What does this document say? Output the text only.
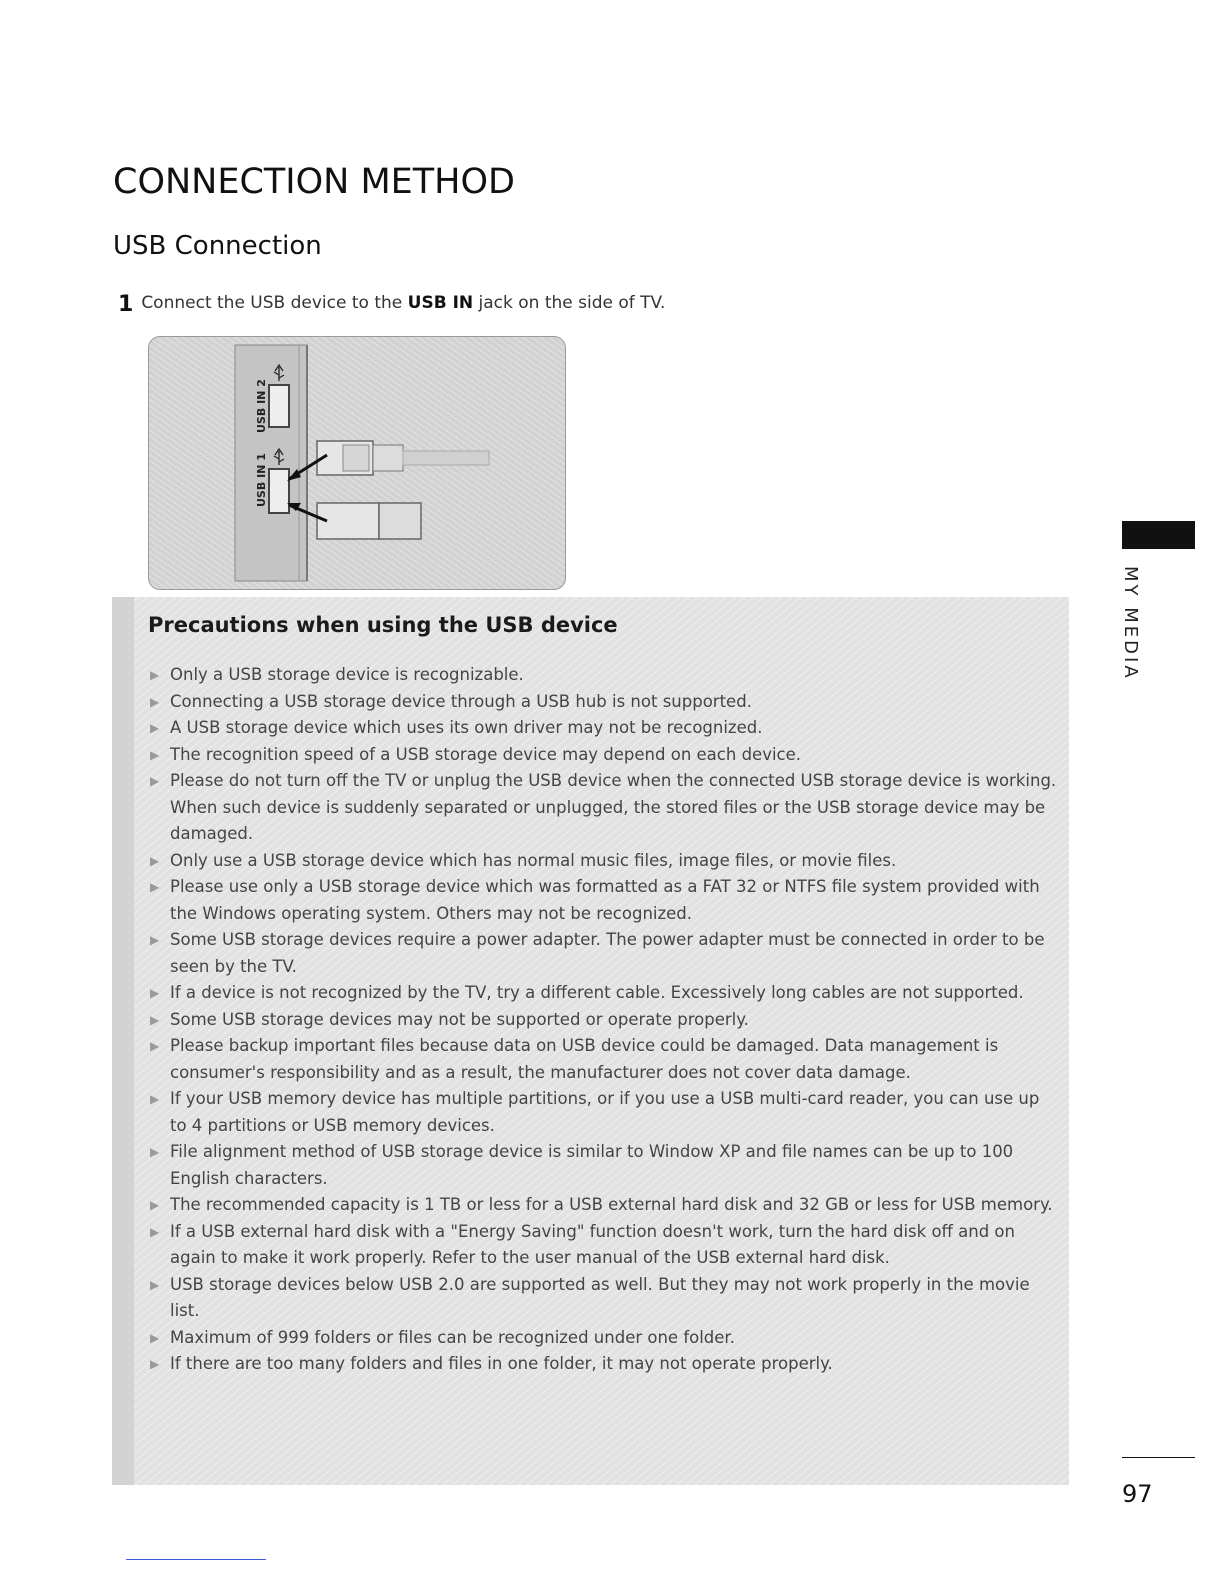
CONNECTION METHOD
USB Connection
1 Connect the USB device to the USB IN jack on the side of TV.
USB IN 2
USB IN 1
Precautions when using the USB device
▶ Only a USB storage device is recognizable.
▶ Connecting a USB storage device through a USB hub is not supported.
▶ A USB storage device which uses its own driver may not be recognized.
▶ The recognition speed of a USB storage device may depend on each device.
▶ Please do not turn off the TV or unplug the USB device when the connected USB storage device is working. When such device is suddenly separated or unplugged, the stored files or the USB storage device may be damaged.
▶ Only use a USB storage device which has normal music files, image files, or movie files.
▶ Please use only a USB storage device which was formatted as a FAT 32 or NTFS file system provided with the Windows operating system. Others may not be recognized.
▶ Some USB storage devices require a power adapter. The power adapter must be connected in order to be seen by the TV.
▶ If a device is not recognized by the TV, try a different cable. Excessively long cables are not supported.
▶ Some USB storage devices may not be supported or operate properly.
▶ Please backup important files because data on USB device could be damaged. Data management is consumer's responsibility and as a result, the manufacturer does not cover data damage.
▶ If your USB memory device has multiple partitions, or if you use a USB multi-card reader, you can use up to 4 partitions or USB memory devices.
▶ File alignment method of USB storage device is similar to Window XP and file names can be up to 100 English characters.
▶ The recommended capacity is 1 TB or less for a USB external hard disk and 32 GB or less for USB memory.
▶ If a USB external hard disk with a "Energy Saving" function doesn't work, turn the hard disk off and on again to make it work properly. Refer to the user manual of the USB external hard disk.
▶ USB storage devices below USB 2.0 are supported as well. But they may not work properly in the movie list.
▶ Maximum of 999 folders or files can be recognized under one folder.
▶ If there are too many folders and files in one folder, it may not operate properly.
MY MEDIA
97
